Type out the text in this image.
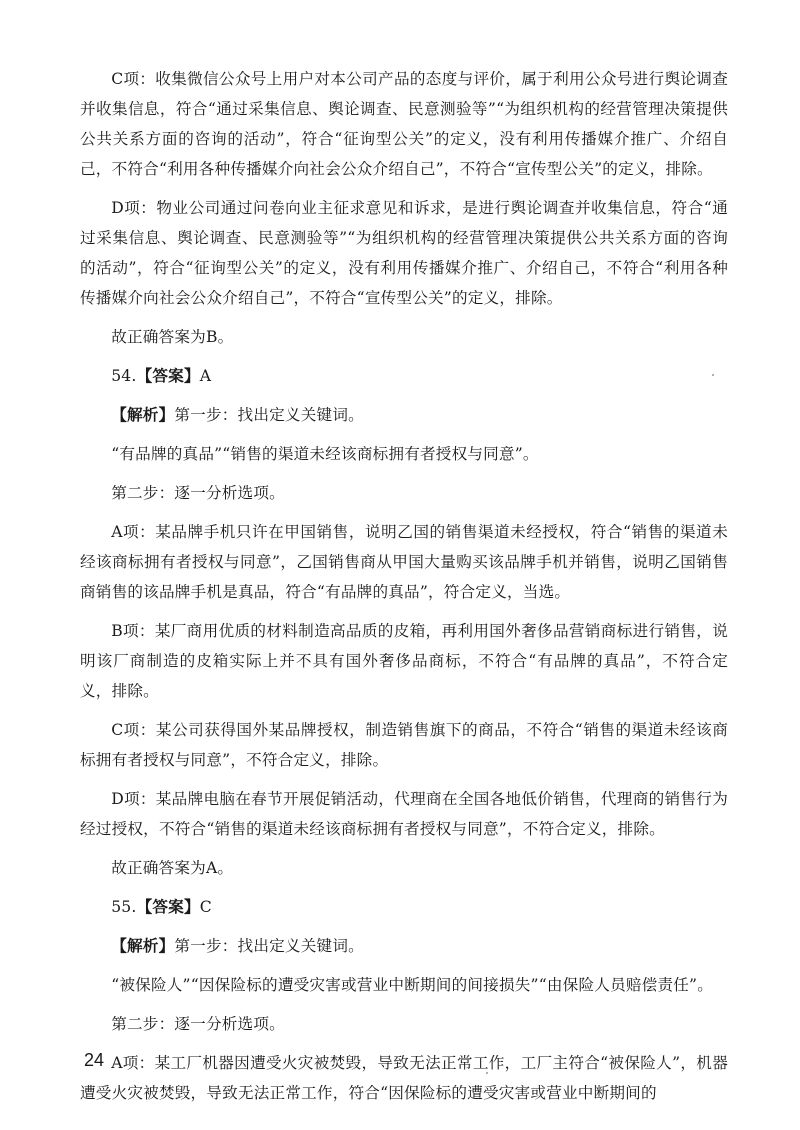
C项：收集微信公众号上用户对本公司产品的态度与评价，属于利用公众号进行舆论调查并收集信息，符合“通过采集信息、舆论调查、民意测验等”“为组织机构的经营管理决策提供公共关系方面的咨询的活动”，符合“征询型公关”的定义，没有利用传播媒介推广、介绍自己，不符合“利用各种传播媒介向社会公众介绍自己”，不符合“宣传型公关”的定义，排除。

D项：物业公司通过问卷向业主征求意见和诉求，是进行舆论调查并收集信息，符合“通过采集信息、舆论调查、民意测验等”“为组织机构的经营管理决策提供公共关系方面的咨询的活动”，符合“征询型公关”的定义，没有利用传播媒介推广、介绍自己，不符合“利用各种传播媒介向社会公众介绍自己”，不符合“宣传型公关”的定义，排除。

故正确答案为B。

54.【答案】A

【解析】第一步：找出定义关键词。

“有品牌的真品”“销售的渠道未经该商标拥有者授权与同意”。

第二步：逐一分析选项。

A项：某品牌手机只许在甲国销售，说明乙国的销售渠道未经授权，符合“销售的渠道未经该商标拥有者授权与同意”，乙国销售商从甲国大量购买该品牌手机并销售，说明乙国销售商销售的该品牌手机是真品，符合“有品牌的真品”，符合定义，当选。

B项：某厂商用优质的材料制造高品质的皮箱，再利用国外奢侈品营销商标进行销售，说明该厂商制造的皮箱实际上并不具有国外奢侈品商标，不符合“有品牌的真品”，不符合定义，排除。

C项：某公司获得国外某品牌授权，制造销售旗下的商品，不符合“销售的渠道未经该商标拥有者授权与同意”，不符合定义，排除。

D项：某品牌电脑在春节开展促销活动，代理商在全国各地低价销售，代理商的销售行为经过授权，不符合“销售的渠道未经该商标拥有者授权与同意”，不符合定义，排除。

故正确答案为A。

55.【答案】C

【解析】第一步：找出定义关键词。

“被保险人”“因保险标的遭受灾害或营业中断期间的间接损失”“由保险人员赔偿责任”。

第二步：逐一分析选项。

A项：某工厂机器因遭受火灾被焚毁，导致无法正常工作，工厂主符合“被保险人”，机器遭受火灾被焚毁，导致无法正常工作，符合“因保险标的遭受灾害或营业中断期间的

24
